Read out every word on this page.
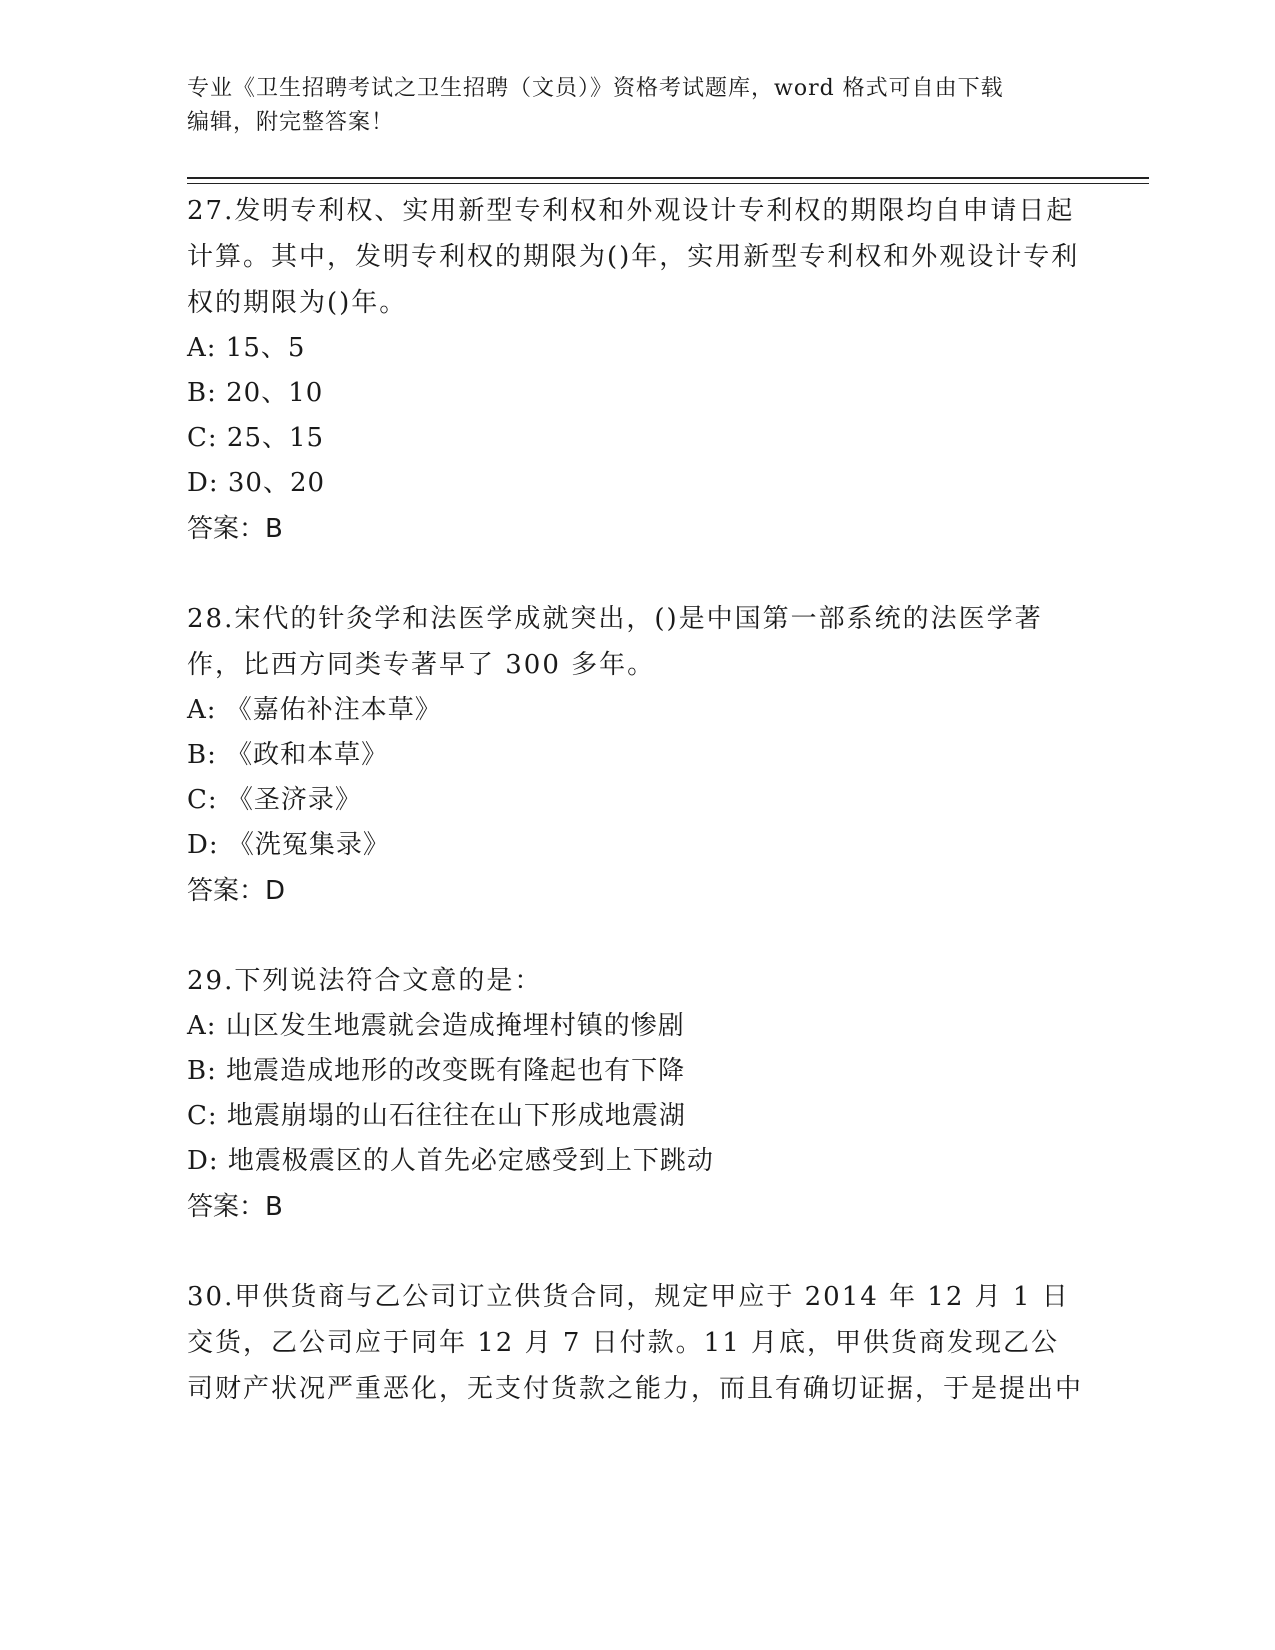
专业《卫生招聘考试之卫生招聘（文员）》资格考试题库，word 格式可自由下载
编辑，附完整答案！

27.发明专利权、实用新型专利权和外观设计专利权的期限均自申请日起计算。其中，发明专利权的期限为()年，实用新型专利权和外观设计专利权的期限为()年。

A: 15、5

B: 20、10

C: 25、15

D: 30、20

答案：B

28.宋代的针灸学和法医学成就突出，()是中国第一部系统的法医学著作，比西方同类专著早了 300 多年。

A: 《嘉佑补注本草》

B: 《政和本草》

C: 《圣济录》

D: 《洗冤集录》

答案：D

29.下列说法符合文意的是：

A: 山区发生地震就会造成掩埋村镇的惨剧

B: 地震造成地形的改变既有隆起也有下降

C: 地震崩塌的山石往往在山下形成地震湖

D: 地震极震区的人首先必定感受到上下跳动

答案：B

30.甲供货商与乙公司订立供货合同，规定甲应于 2014 年 12 月 1 日交货，乙公司应于同年 12 月 7 日付款。11 月底，甲供货商发现乙公司财产状况严重恶化，无支付货款之能力，而且有确切证据，于是提出中
